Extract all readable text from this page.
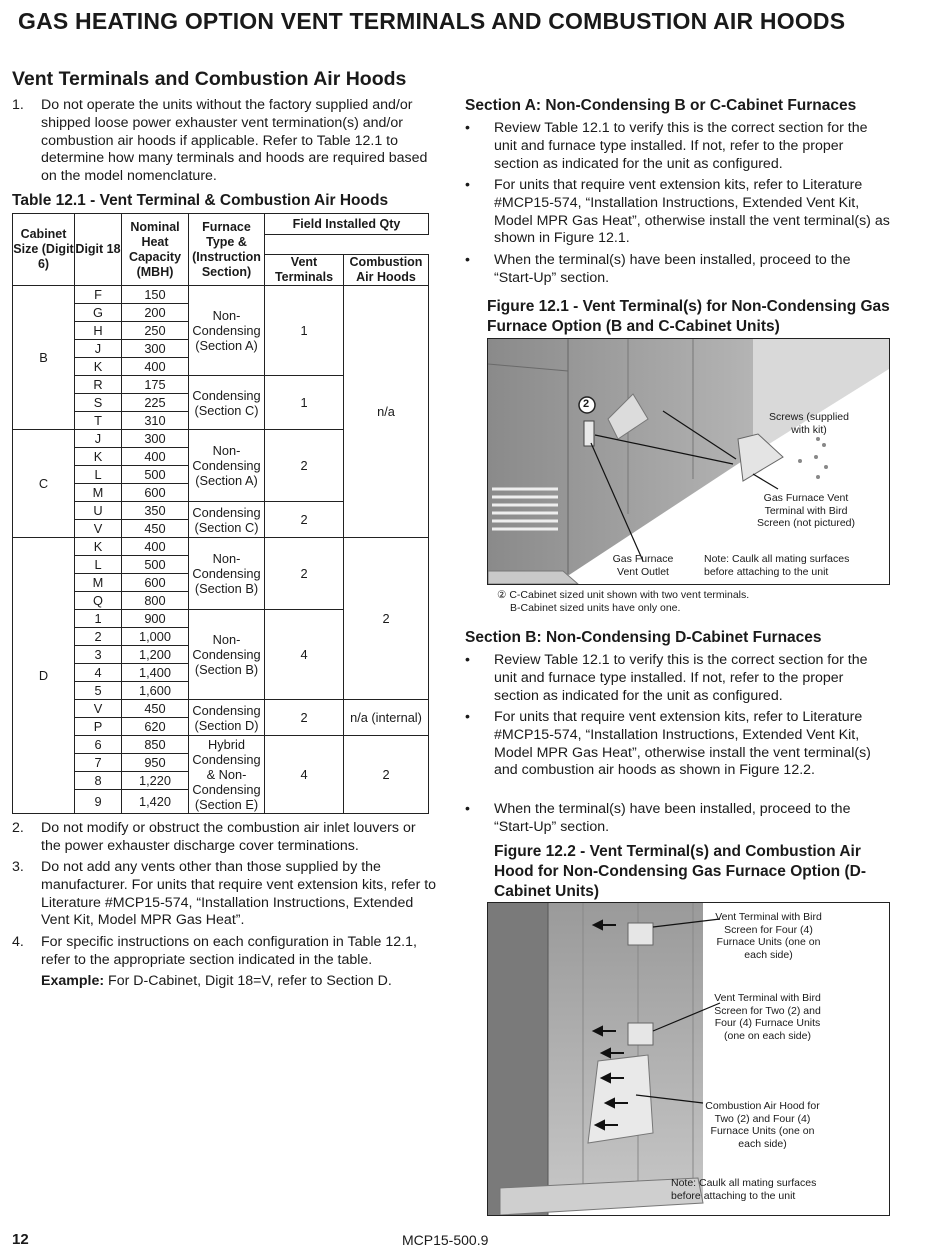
GAS HEATING OPTION VENT TERMINALS AND COMBUSTION AIR HOODS
Vent Terminals and Combustion Air Hoods
1. Do not operate the units without the factory supplied and/or shipped loose power exhauster vent termination(s) and/or combustion air hoods if applicable. Refer to Table 12.1 to determine how many terminals and hoods are required based on the model nomenclature.
Table 12.1 - Vent Terminal & Combustion Air Hoods
Cabinet Size (Digit 6)	Digit 18	Nominal Heat Capacity (MBH)	Furnace Type & (Instruction Section)	Field Installed Qty	

				Vent Terminals	Combustion Air Hoods
B	F	150	Non-Condensing (Section A)	1	n/a
	G	200			
	H	250			
	J	300			
	K	400			
	R	175	Condensing (Section C)	1	
	S	225			
	T	310			
C	J	300	Non-Condensing (Section A)	2	
	K	400			
	L	500			
	M	600			
	U	350	Condensing (Section C)	2	
	V	450			
D	K	400	Non-Condensing (Section B)	2	2
	L	500			
	M	600			
	Q	800			
	1	900	Non-Condensing (Section B)	4	
	2	1,000			
	3	1,200			
	4	1,400			
	5	1,600			
	V	450	Condensing (Section D)	2	n/a (internal)
	P	620			
	6	850	Hybrid Condensing & Non-Condensing (Section E)	4	2
	7	950			
	8	1,220			
	9	1,420			
2. Do not modify or obstruct the combustion air inlet louvers or the power exhauster discharge cover terminations.
3. Do not add any vents other than those supplied by the manufacturer. For units that require vent extension kits, refer to Literature #MCP15-574, “Installation Instructions, Extended Vent Kit, Model MPR Gas Heat”.
4. For specific instructions on each configuration in Table 12.1, refer to the appropriate section indicated in the table.
Example: For D-Cabinet, Digit 18=V, refer to Section D.
Section A: Non-Condensing B or C-Cabinet Furnaces
• Review Table 12.1 to verify this is the correct section for the unit and furnace type installed. If not, refer to the proper section as indicated for the unit as configured.
• For units that require vent extension kits, refer to Literature #MCP15-574, “Installation Instructions, Extended Vent Kit, Model MPR Gas Heat”, otherwise install the vent terminal(s) as shown in Figure 12.1.
• When the terminal(s) have been installed, proceed to the “Start-Up” section.
Figure 12.1 - Vent Terminal(s) for Non-Condensing Gas Furnace Option (B and C-Cabinet Units)
2
Screws (supplied with kit)
Gas Furnace Vent Terminal with Bird Screen (not pictured)
Gas Furnace Vent Outlet
Note: Caulk all mating surfaces before attaching to the unit
② C-Cabinet sized unit shown with two vent terminals.
B-Cabinet sized units have only one.
Section B: Non-Condensing D-Cabinet Furnaces
• Review Table 12.1 to verify this is the correct section for the unit and furnace type installed. If not, refer to the proper section as indicated for the unit as configured.
• For units that require vent extension kits, refer to Literature #MCP15-574, “Installation Instructions, Extended Vent Kit, Model MPR Gas Heat”, otherwise install the vent terminal(s) and combustion air hoods as shown in Figure 12.2.
• When the terminal(s) have been installed, proceed to the “Start-Up” section.
Figure 12.2 - Vent Terminal(s) and Combustion Air Hood for Non-Condensing Gas Furnace Option (D-Cabinet Units)
Vent Terminal with Bird Screen for Four (4) Furnace Units (one on each side)
Vent Terminal with Bird Screen for Two (2) and Four (4) Furnace Units (one on each side)
Combustion Air Hood for Two (2) and Four (4) Furnace Units (one on each side)
Note: Caulk all mating surfaces before attaching to the unit
12	MCP15-500.9
